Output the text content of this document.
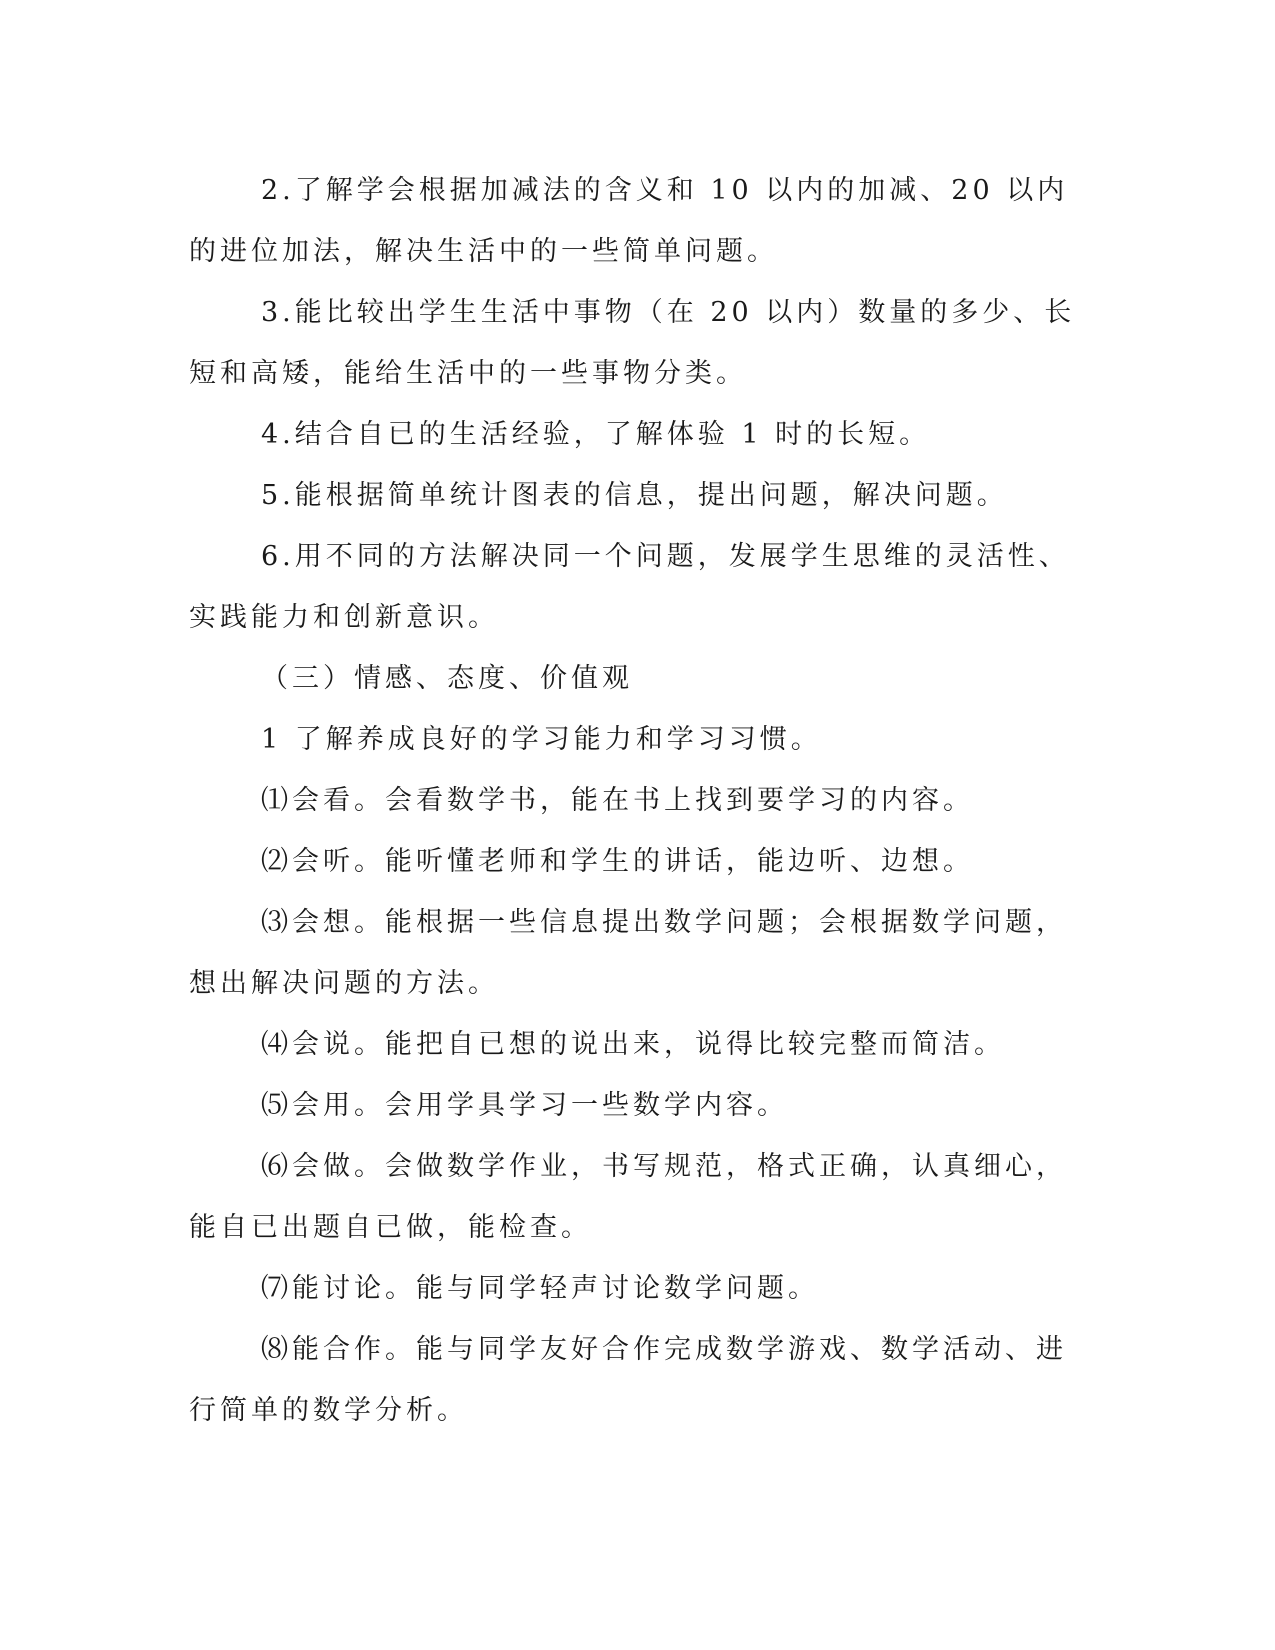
2.了解学会根据加减法的含义和 10 以内的加减、20 以内的进位加法，解决生活中的一些简单问题。

3.能比较出学生生活中事物（在 20 以内）数量的多少、长短和高矮，能给生活中的一些事物分类。

4.结合自已的生活经验，了解体验 1 时的长短。

5.能根据简单统计图表的信息，提出问题，解决问题。

6.用不同的方法解决同一个问题，发展学生思维的灵活性、实践能力和创新意识。

（三）情感、态度、价值观

1 了解养成良好的学习能力和学习习惯。

⑴会看。会看数学书，能在书上找到要学习的内容。

⑵会听。能听懂老师和学生的讲话，能边听、边想。

⑶会想。能根据一些信息提出数学问题；会根据数学问题，想出解决问题的方法。

⑷会说。能把自已想的说出来，说得比较完整而简洁。

⑸会用。会用学具学习一些数学内容。

⑹会做。会做数学作业，书写规范，格式正确，认真细心，能自已出题自已做，能检查。

⑺能讨论。能与同学轻声讨论数学问题。

⑻能合作。能与同学友好合作完成数学游戏、数学活动、进行简单的数学分析。
